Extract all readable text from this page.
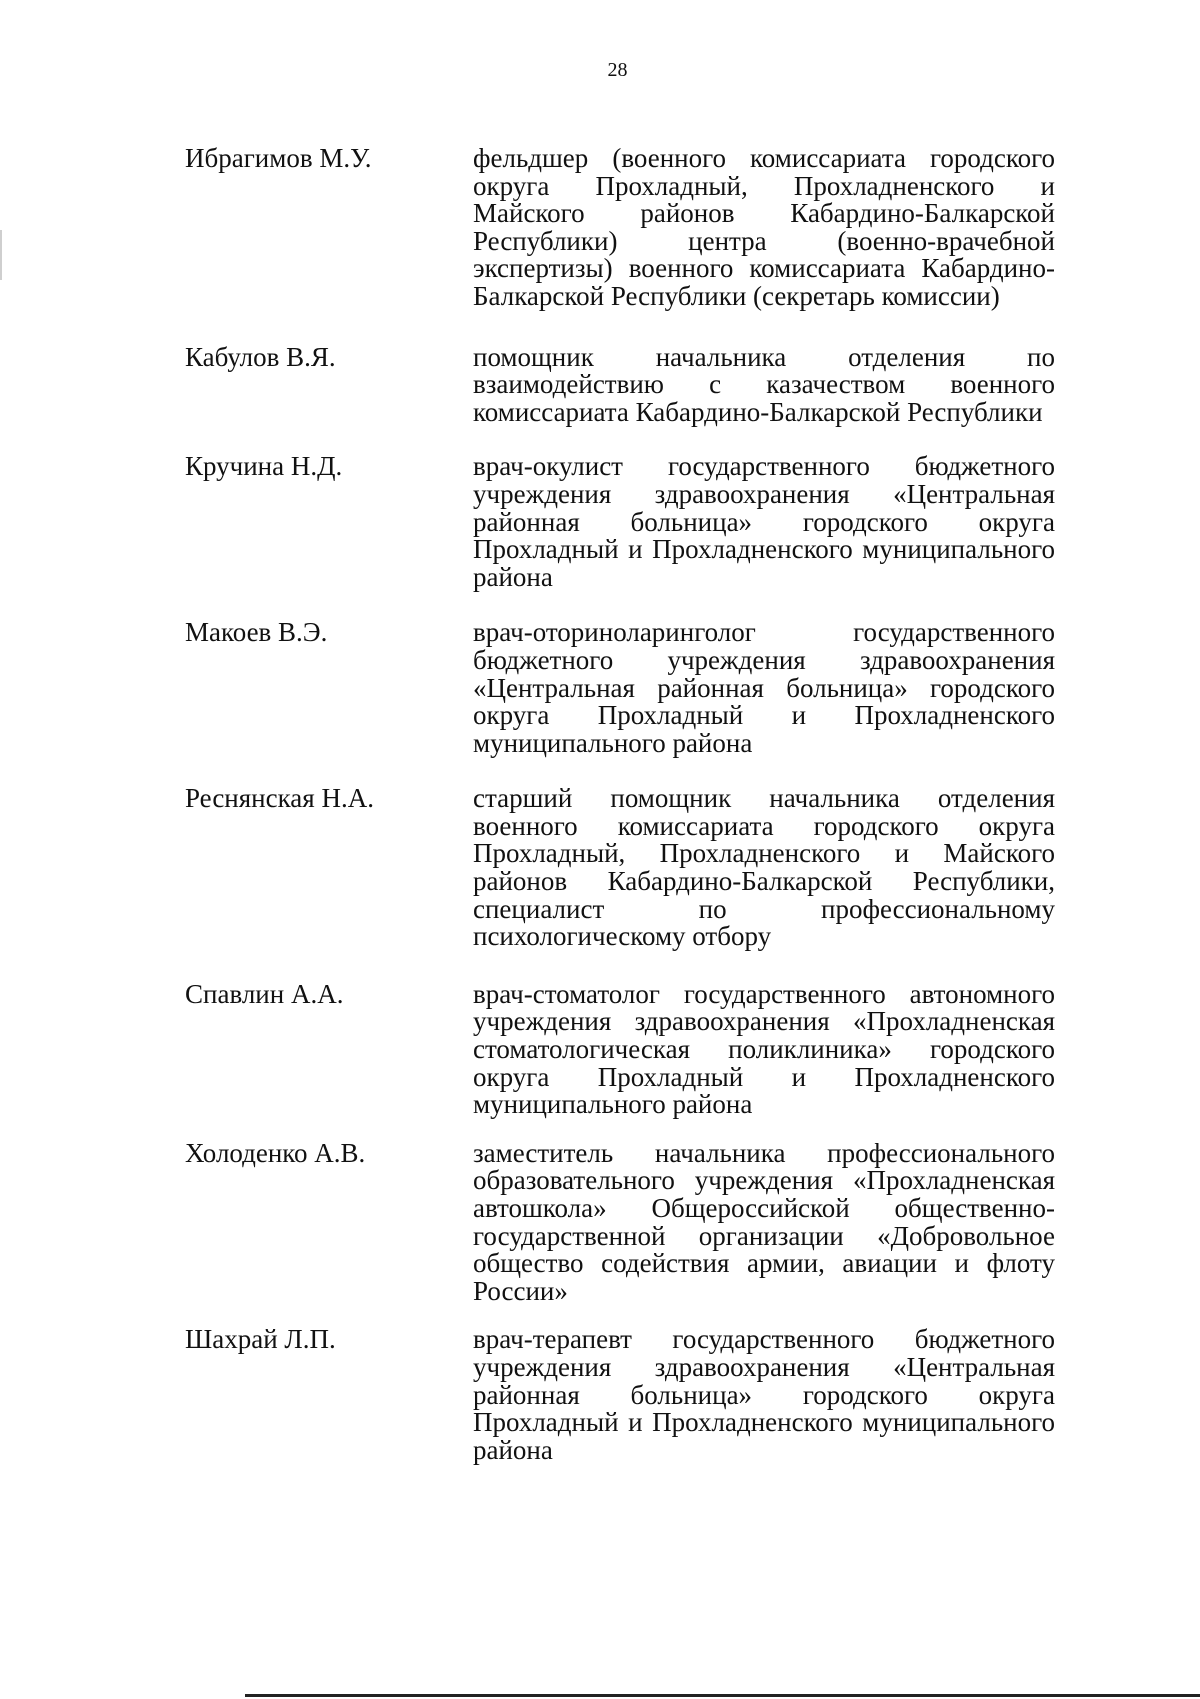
28
Ибрагимов М.У.	фельдшер (военного комиссариата городского округа Прохладный, Прохладненского и Майского районов Кабардино-Балкарской Республики) центра (военно-врачебной экспертизы) военного комиссариата Кабардино-Балкарской Республики (секретарь комиссии)
Кабулов В.Я.	помощник начальника отделения по взаимодействию с казачеством военного комиссариата Кабардино-Балкарской Республики
Кручина Н.Д.	врач-окулист государственного бюджетного учреждения здравоохранения «Центральная районная больница» городского округа Прохладный и Прохладненского муниципального района
Макоев В.Э.	врач-оториноларинголог государственного бюджетного учреждения здравоохранения «Центральная районная больница» городского округа Прохладный и Прохладненского муниципального района
Реснянская Н.А.	старший помощник начальника отделения военного комиссариата городского округа Прохладный, Прохладненского и Майского районов Кабардино-Балкарской Республики, специалист по профессиональному психологическому отбору
Спавлин А.А.	врач-стоматолог государственного автономного учреждения здравоохранения «Прохладненская стоматологическая поликлиника» городского округа Прохладный и Прохладненского муниципального района
Холоденко А.В.	заместитель начальника профессионального образовательного учреждения «Прохладненская автошкола» Общероссийской общественно-государственной организации «Добровольное общество содействия армии, авиации и флоту России»
Шахрай Л.П.	врач-терапевт государственного бюджетного учреждения здравоохранения «Центральная районная больница» городского округа Прохладный и Прохладненского муниципального района
